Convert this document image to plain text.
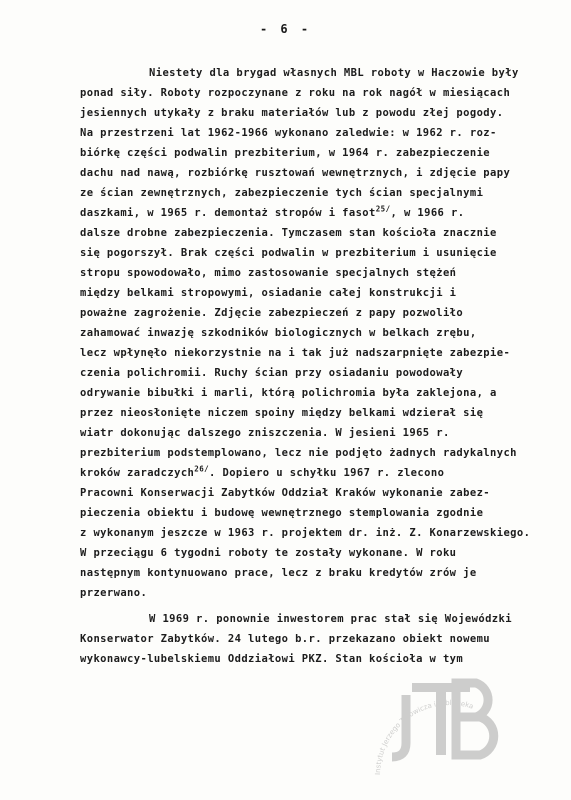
- 6 -
Niestety dla brygad własnych MBL roboty w Haczowie były
ponad siły. Roboty rozpoczynane z roku na rok nagół w miesiącach
jesiennych utykały z braku materiałów lub z powodu złej pogody.
Na przestrzeni lat 1962-1966 wykonano zaledwie: w 1962 r. roz-
biórkę części podwalin prezbiterium, w 1964 r. zabezpieczenie
dachu nad nawą, rozbiórkę rusztowań wewnętrznych, i zdjęcie papy
ze ścian zewnętrznych, zabezpieczenie tych ścian specjalnymi
daszkami, w 1965 r. demontaż stropów i fasot$^{25/}$, w 1966 r.
dalsze drobne zabezpieczenia. Tymczasem stan kościoła znacznie
się pogorszył. Brak części podwalin w prezbiterium i usunięcie
stropu spowodowało, mimo zastosowanie specjalnych stężeń
między belkami stropowymi, osiadanie całej konstrukcji i
poważne zagrożenie. Zdjęcie zabezpieczeń z papy pozwoliło
zahamować inwazję szkodników biologicznych w belkach zrębu,
lecz wpłynęło niekorzystnie na i tak już nadszarpnięte zabezpie-
czenia polichromii. Ruchy ścian przy osiadaniu powodowały
odrywanie bibułki i marli, którą polichromia była zaklejona, a
przez nieosłonięte niczem spoiny między belkami wdzierał się
wiatr dokonując dalszego zniszczenia. W jesieni 1965 r.
prezbiterium podstemplowano, lecz nie podjęto żadnych radykalnych
kroków zaradczych$^{26/}$. Dopiero u schyłku 1967 r. zlecono
Pracowni Konserwacji Zabytków Oddział Kraków wykonanie zabez-
pieczenia obiektu i budowę wewnętrznego stemplowania zgodnie
z wykonanym jeszcze w 1963 r. projektem dr. inż. Z. Konarzewskiego.
W przeciągu 6 tygodni roboty te zostały wykonane. W roku
następnym kontynuowano prace, lecz z braku kredytów zrów je
przerwano.
W 1969 r. ponownie inwestorem prac stał się Wojewódzki
Konserwator Zabytków. 24 lutego b.r. przekazano obiekt nowemu
wykonawcy-lubelskiemu Oddziałowi PKZ. Stan kościoła w tym
Instytut Jerzego Turowicza i Biblioteka
